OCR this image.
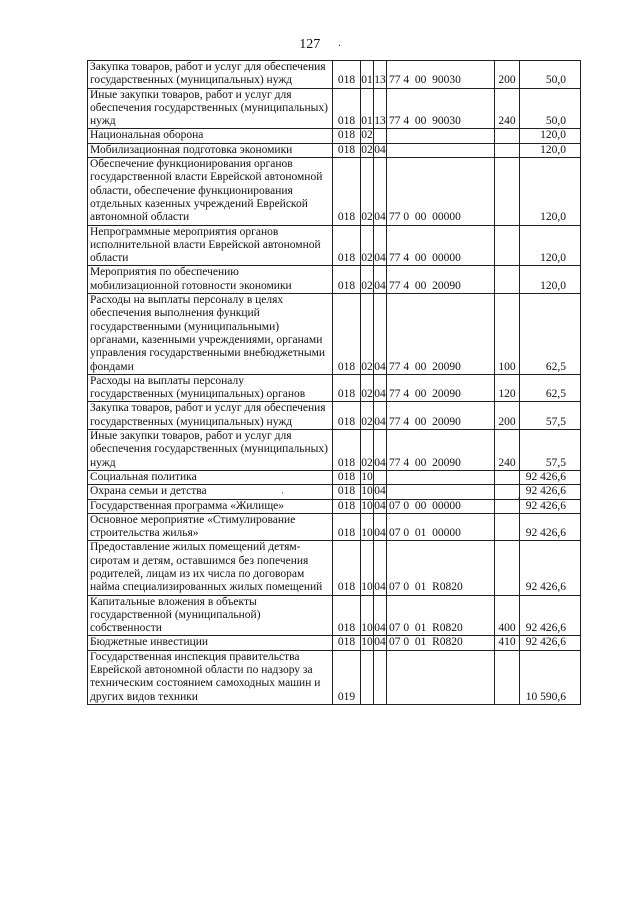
127 .
Закупка товаров, работ и услуг для обеспечения государственных (муниципальных) нужд	018	01	13	77 4  00  90030	200	50,0
Иные закупки товаров, работ и услуг для обеспечения государственных (муниципальных) нужд	018	01	13	77 4  00  90030	240	50,0
Национальная оборона	018	02				120,0
Мобилизационная подготовка экономики	018	02	04			120,0
Обеспечение функционирования органов государственной власти Еврейской автономной области, обеспечение функционирования отдельных казенных учреждений Еврейской автономной области	018	02	04	77 0  00  00000		120,0
Непрограммные мероприятия органов исполнительной власти Еврейской автономной области	018	02	04	77 4  00  00000		120,0
Мероприятия по обеспечению мобилизационной готовности экономики	018	02	04	77 4  00  20090		120,0
Расходы на выплаты персоналу в целях обеспечения выполнения функций государственными (муниципальными) органами, казенными учреждениями, органами управления государственными внебюджетными фондами	018	02	04	77 4  00  20090	100	62,5
Расходы на выплаты персоналу государственных (муниципальных) органов	018	02	04	77 4  00  20090	120	62,5
Закупка товаров, работ и услуг для обеспечения государственных (муниципальных) нужд	018	02	04	77 4  00  20090	200	57,5
Иные закупки товаров, работ и услуг для обеспечения государственных (муниципальных) нужд	018	02	04	77 4  00  20090	240	57,5
Социальная политика	018	10				92 426,6
Охрана семьи и детства	018	10	04			92 426,6
Государственная программа «Жилище»	018	10	04	07 0  00  00000		92 426,6
Основное мероприятие «Стимулирование строительства жилья»	018	10	04	07 0  01  00000		92 426,6
Предоставление жилых помещений детям-сиротам и детям, оставшимся без попечения родителей, лицам из их числа по договорам найма специализированных жилых помещений	018	10	04	07 0  01  R0820		92 426,6
Капитальные вложения в объекты государственной (муниципальной) собственности	018	10	04	07 0  01  R0820	400	92 426,6
Бюджетные инвестиции	018	10	04	07 0  01  R0820	410	92 426,6
Государственная инспекция правительства Еврейской автономной области по надзору за техническим состоянием самоходных машин и других видов техники	019					10 590,6
·	·
